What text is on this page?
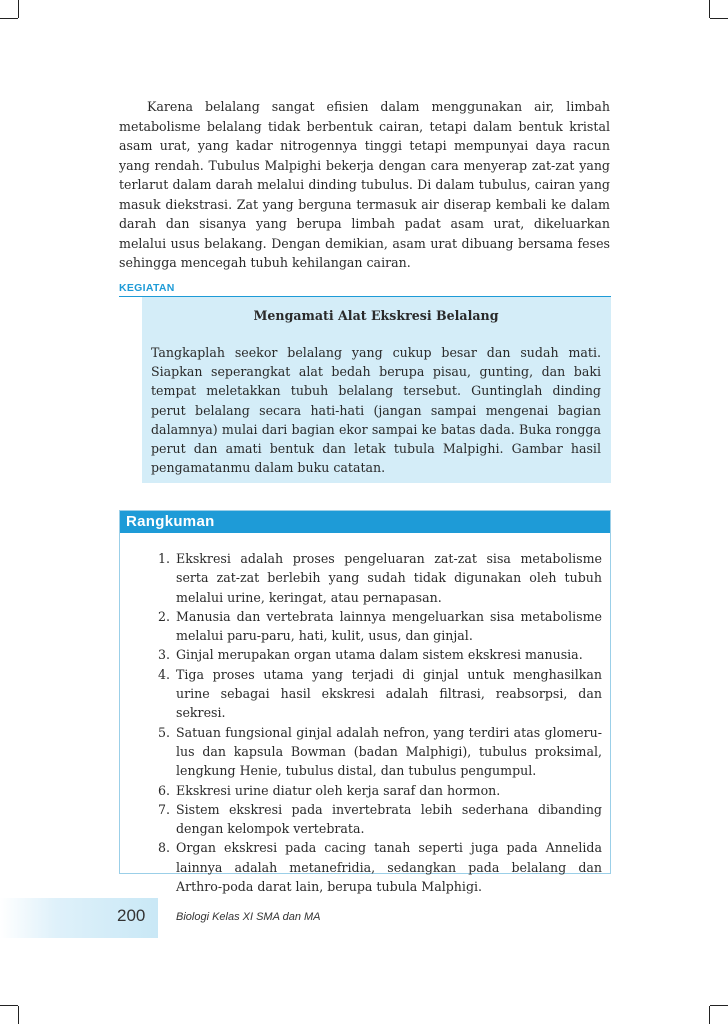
Karena belalang sangat efisien dalam menggunakan air, limbah metabolisme belalang tidak berbentuk cairan, tetapi dalam bentuk kristal asam urat, yang kadar nitrogennya tinggi tetapi mempunyai daya racun yang rendah. Tubulus Malpighi bekerja dengan cara menyerap zat-zat yang terlarut dalam darah melalui dinding tubulus. Di dalam tubulus, cairan yang masuk diekstrasi. Zat yang berguna termasuk air diserap kembali ke dalam darah dan sisanya yang berupa limbah padat asam urat, dikeluarkan melalui usus belakang. Dengan demikian, asam urat dibuang bersama feses sehingga mencegah tubuh kehilangan cairan.

KEGIATAN

Mengamati Alat Ekskresi Belalang

Tangkaplah seekor belalang yang cukup besar dan sudah mati. Siapkan seperangkat alat bedah berupa pisau, gunting, dan baki tempat meletakkan tubuh belalang tersebut. Guntinglah dinding perut belalang secara hati-hati (jangan sampai mengenai bagian dalamnya) mulai dari bagian ekor sampai ke batas dada. Buka rongga perut dan amati bentuk dan letak tubula Malpighi. Gambar hasil pengamatanmu dalam buku catatan.

Rangkuman
1. Ekskresi adalah proses pengeluaran zat-zat sisa metabolisme serta zat-zat berlebih yang sudah tidak digunakan oleh tubuh melalui urine, keringat, atau pernapasan.
2. Manusia dan vertebrata lainnya mengeluarkan sisa metabolisme melalui paru-paru, hati, kulit, usus, dan ginjal.
3. Ginjal merupakan organ utama dalam sistem ekskresi manusia.
4. Tiga proses utama yang terjadi di ginjal untuk menghasilkan urine sebagai hasil ekskresi adalah filtrasi, reabsorpsi, dan sekresi.
5. Satuan fungsional ginjal adalah nefron, yang terdiri atas glomeru-lus dan kapsula Bowman (badan Malphigi), tubulus proksimal, lengkung Henie, tubulus distal, dan tubulus pengumpul.
6. Ekskresi urine diatur oleh kerja saraf dan hormon.
7. Sistem ekskresi pada invertebrata lebih sederhana dibanding dengan kelompok vertebrata.
8. Organ ekskresi pada cacing tanah seperti juga pada Annelida lainnya adalah metanefridia, sedangkan pada belalang dan Arthro-poda darat lain, berupa tubula Malphigi.
200	Biologi Kelas XI SMA dan MA
